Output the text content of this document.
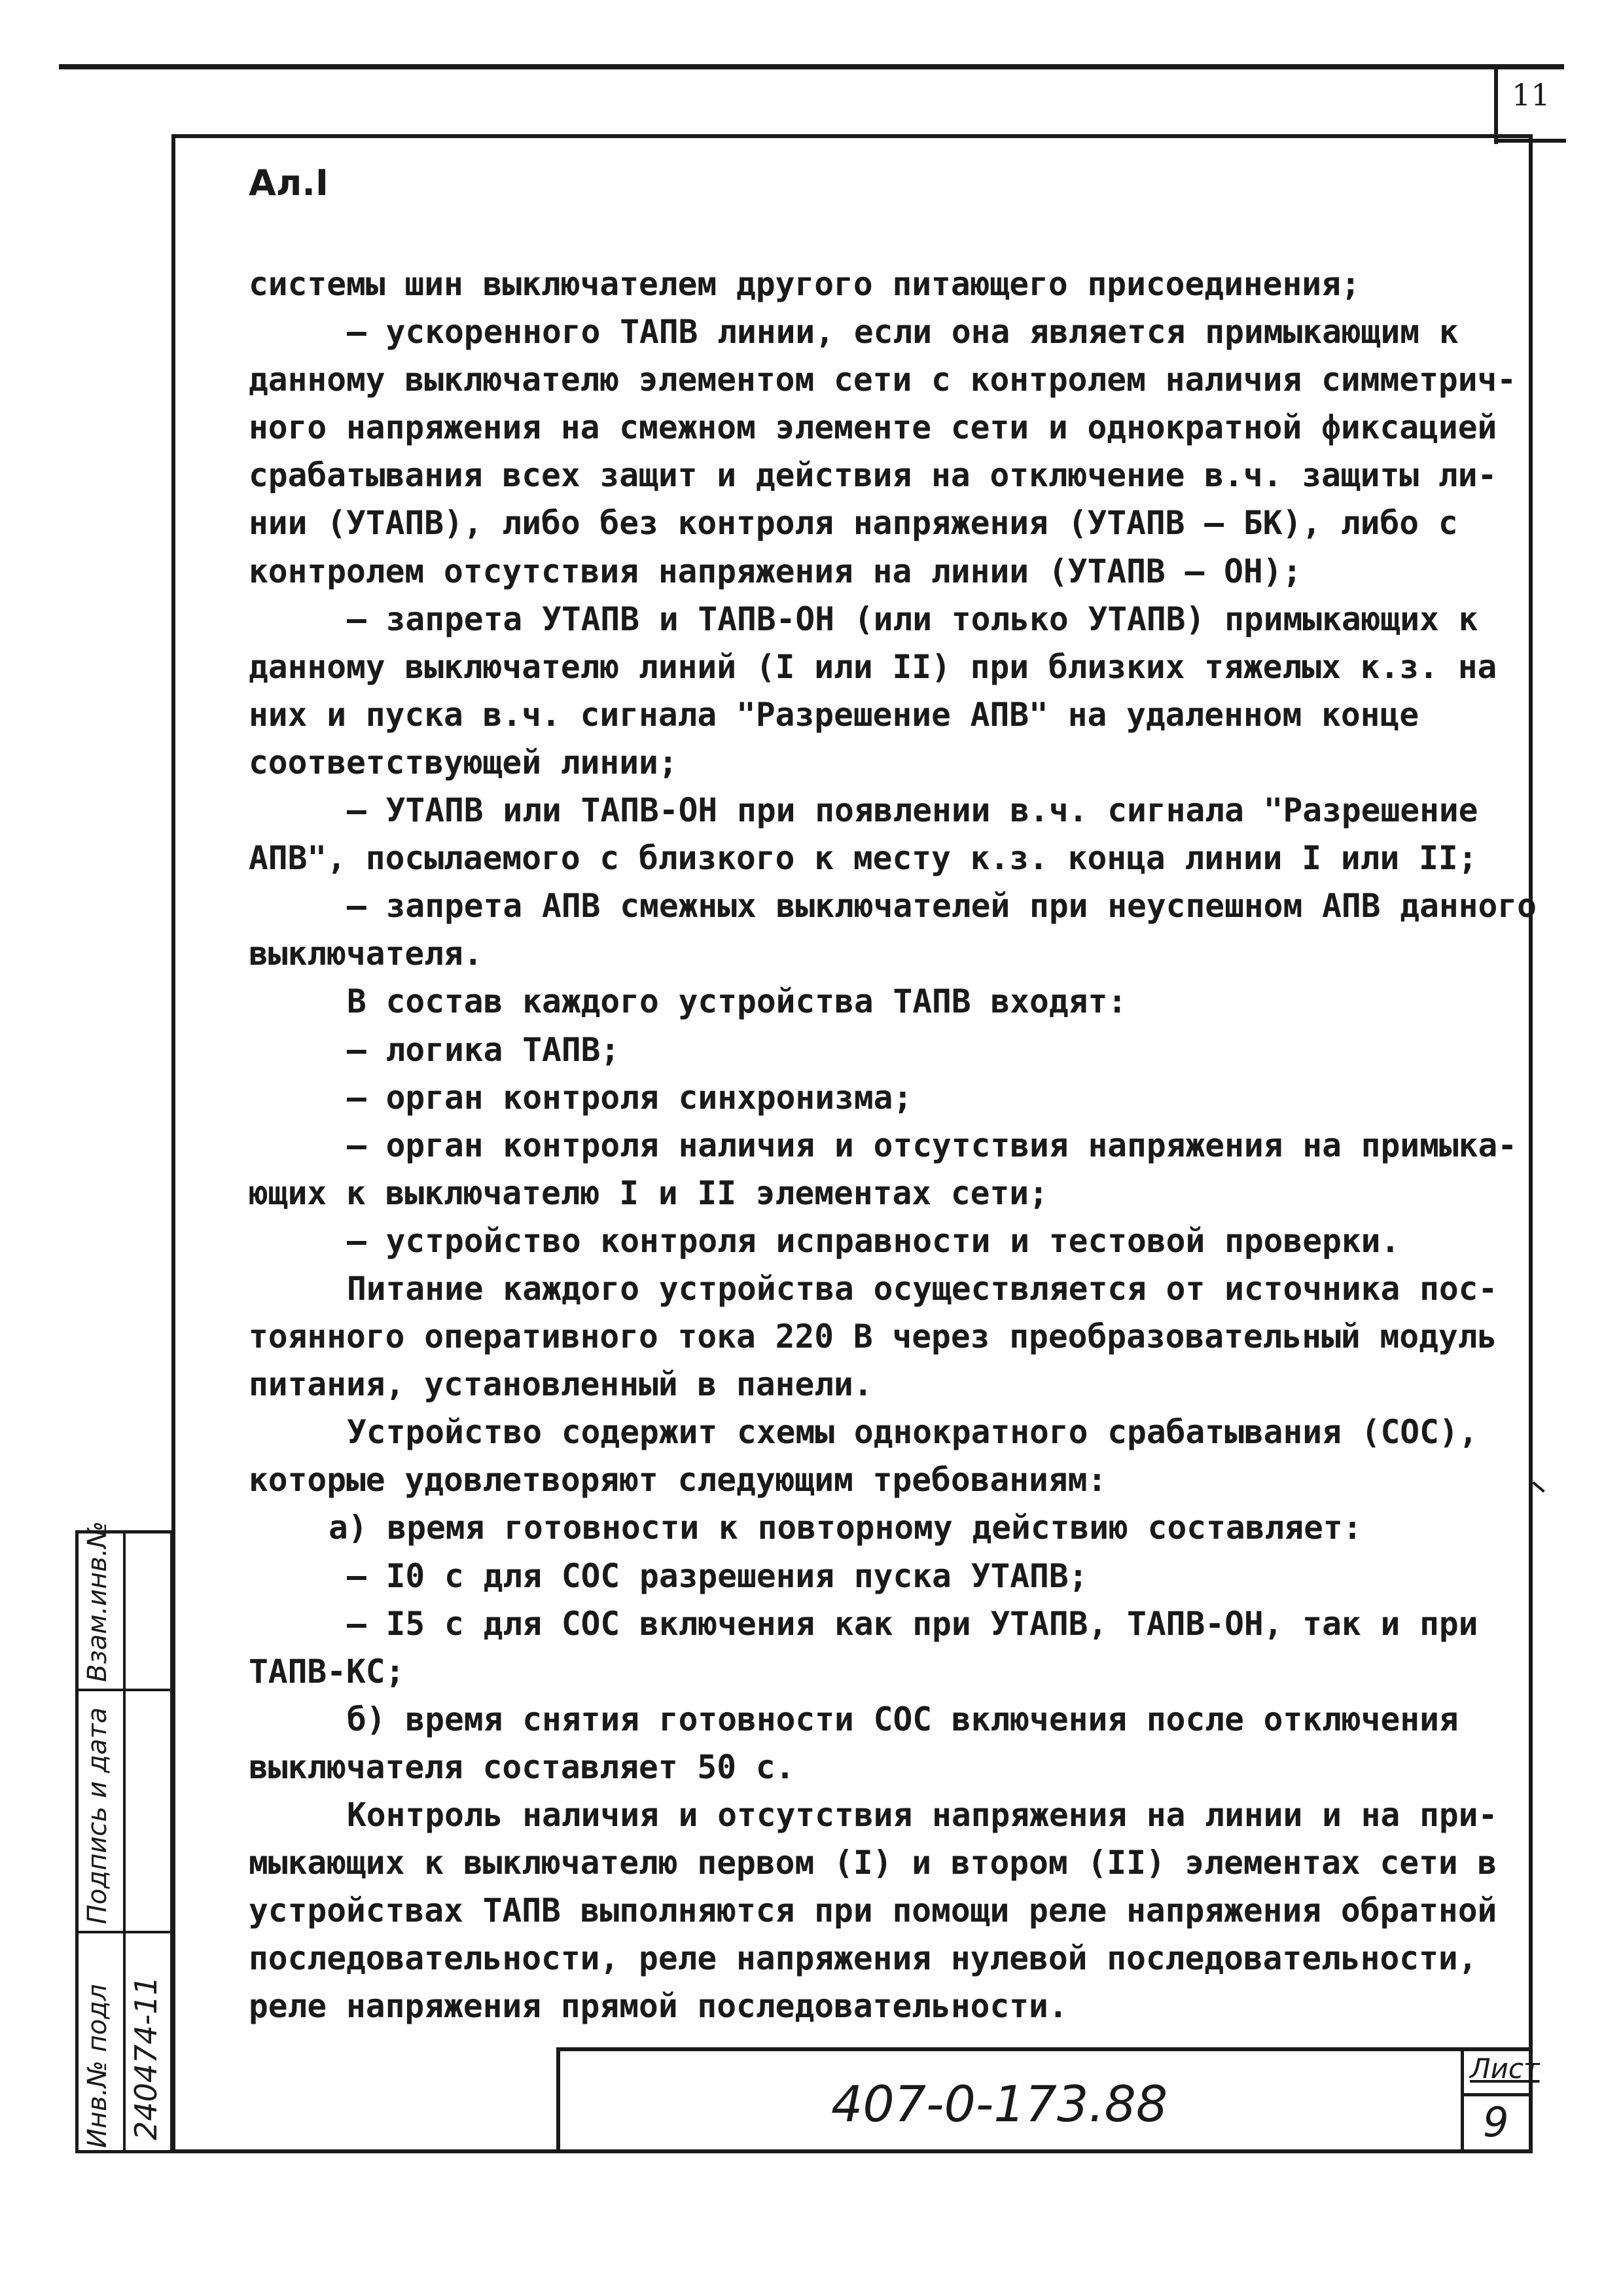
11
Ал.I

системы шин выключателем другого питающего присоединения;

– ускоренного ТАПВ линии, если она является примыкающим к

данному выключателю элементом сети с контролем наличия симметрич-

ного напряжения на смежном элементе сети и однократной фиксацией

срабатывания всех защит и действия на отключение в.ч. защиты ли-

нии (УТАПВ), либо без контроля напряжения (УТАПВ – БК), либо с

контролем отсутствия напряжения на линии (УТАПВ – ОН);

– запрета УТАПВ и ТАПВ-ОН (или только УТАПВ) примыкающих к

данному выключателю линий (I или II) при близких тяжелых к.з. на

них и пуска в.ч. сигнала "Разрешение АПВ" на удаленном конце

соответствующей линии;

– УТАПВ или ТАПВ-ОН при появлении в.ч. сигнала "Разрешение

АПВ", посылаемого с близкого к месту к.з. конца линии I или II;

– запрета АПВ смежных выключателей при неуспешном АПВ данного

выключателя.

В состав каждого устройства ТАПВ входят:

– логика ТАПВ;

– орган контроля синхронизма;

– орган контроля наличия и отсутствия напряжения на примыка-

ющих к выключателю I и II элементах сети;

– устройство контроля исправности и тестовой проверки.

Питание каждого устройства осуществляется от источника пос-

тоянного оперативного тока 220 В через преобразовательный модуль

питания, установленный в панели.

Устройство содержит схемы однократного срабатывания (СОС),

которые удовлетворяют следующим требованиям:

а) время готовности к повторному действию составляет:

– I0 с для СОС разрешения пуска УТАПВ;

– I5 с для СОС включения как при УТАПВ, ТАПВ-ОН, так и при

ТАПВ-КС;

б) время снятия готовности СОС включения после отключения

выключателя составляет 50 с.

Контроль наличия и отсутствия напряжения на линии и на при-

мыкающих к выключателю первом (I) и втором (II) элементах сети в

устройствах ТАПВ выполняются при помощи реле напряжения обратной

последовательности, реле напряжения нулевой последовательности,

реле напряжения прямой последовательности.

Взам.инв.№
Подпись и дата
Инв.№ подл 240474-11	407-0-173.88
Лист
9
